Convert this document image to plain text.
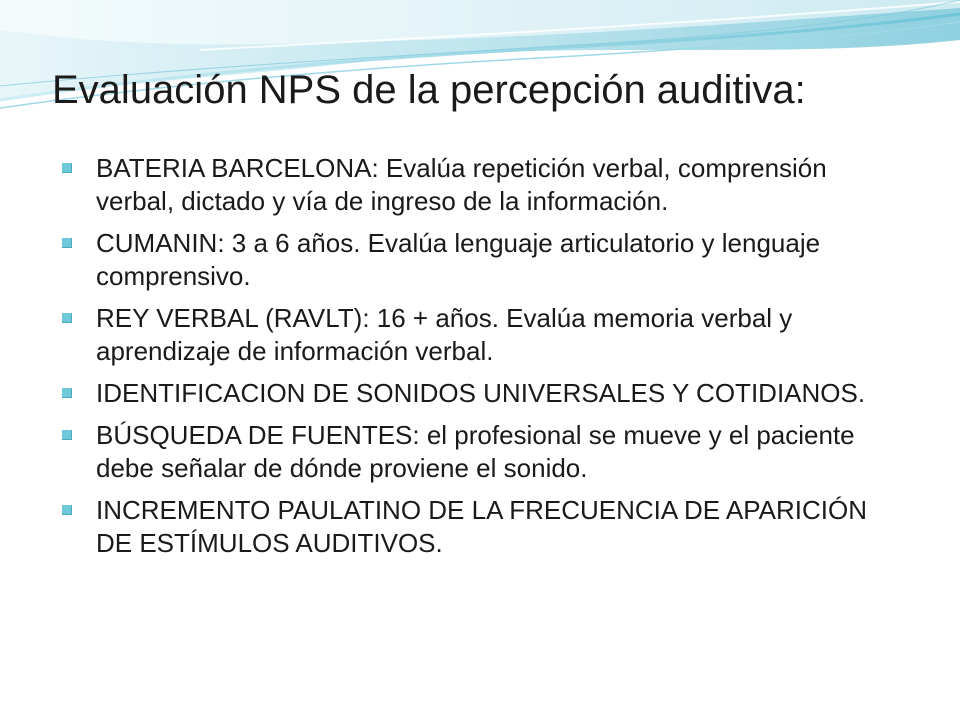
Evaluación NPS de la percepción auditiva:
BATERIA BARCELONA: Evalúa repetición verbal, comprensión verbal, dictado y vía de ingreso de la información.
CUMANIN: 3 a 6 años. Evalúa lenguaje articulatorio y lenguaje comprensivo.
REY VERBAL (RAVLT): 16 + años. Evalúa memoria verbal y aprendizaje de información verbal.
IDENTIFICACION DE SONIDOS UNIVERSALES Y COTIDIANOS.
BÚSQUEDA DE FUENTES: el profesional se mueve y el paciente debe señalar de dónde proviene el sonido.
INCREMENTO PAULATINO DE LA FRECUENCIA DE APARICIÓN DE ESTÍMULOS AUDITIVOS.
